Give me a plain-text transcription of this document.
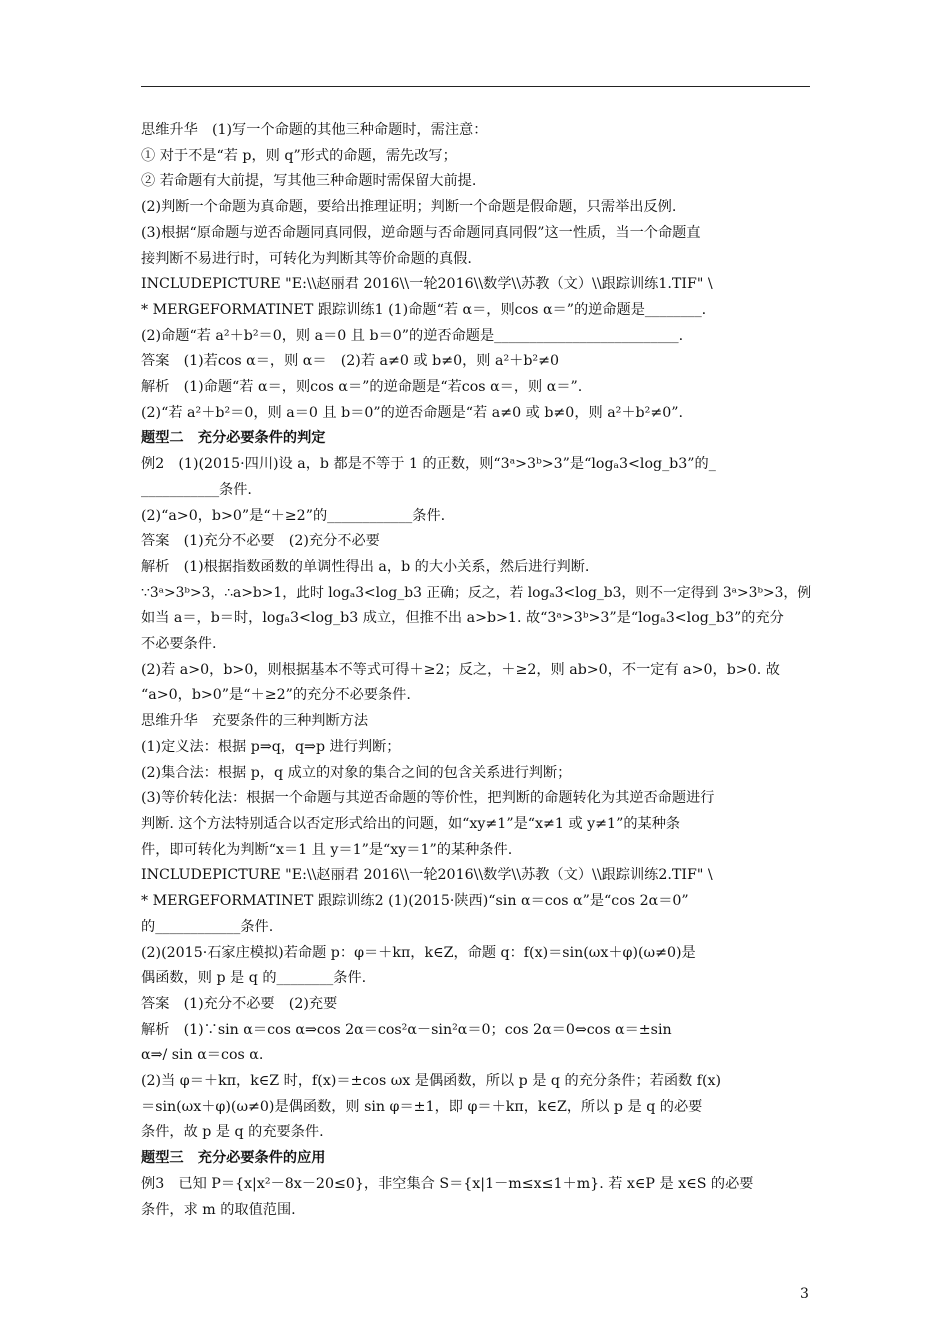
思维升华　(1)写一个命题的其他三种命题时，需注意：

① 对于不是“若 p，则 q”形式的命题，需先改写；

② 若命题有大前提，写其他三种命题时需保留大前提.

(2)判断一个命题为真命题，要给出推理证明；判断一个命题是假命题，只需举出反例.

(3)根据“原命题与逆否命题同真同假，逆命题与否命题同真同假”这一性质，当一个命题直

接判断不易进行时，可转化为判断其等价命题的真假.

INCLUDEPICTURE "E:\\赵丽君 2016\\一轮2016\\数学\\苏教（文）\\跟踪训练1.TIF" \

* MERGEFORMATINET 跟踪训练1 (1)命题“若 α＝，则cos α＝”的逆命题是________.

(2)命题“若 a²＋b²＝0，则 a＝0 且 b＝0”的逆否命题是__________________________.

答案　(1)若cos α＝，则 α＝　(2)若 a≠0 或 b≠0，则 a²＋b²≠0

解析　(1)命题“若 α＝，则cos α＝”的逆命题是“若cos α＝，则 α＝”.

(2)“若 a²＋b²＝0，则 a＝0 且 b＝0”的逆否命题是“若 a≠0 或 b≠0，则 a²＋b²≠0”.

题型二　充分必要条件的判定

例2　(1)(2015·四川)设 a，b 都是不等于 1 的正数，则“3ᵃ>3ᵇ>3”是“logₐ3<log_b3”的_

___________条件.

(2)“a>0，b>0”是“＋≥2”的____________条件.

答案　(1)充分不必要　(2)充分不必要

解析　(1)根据指数函数的单调性得出 a，b 的大小关系，然后进行判断.

∵3ᵃ>3ᵇ>3，∴a>b>1，此时 logₐ3<log_b3 正确；反之，若 logₐ3<log_b3，则不一定得到 3ᵃ>3ᵇ>3，例

如当 a＝，b＝时，logₐ3<log_b3 成立，但推不出 a>b>1. 故“3ᵃ>3ᵇ>3”是“logₐ3<log_b3”的充分

不必要条件.

(2)若 a>0，b>0，则根据基本不等式可得＋≥2；反之，＋≥2，则 ab>0，不一定有 a>0，b>0. 故

“a>0，b>0”是“＋≥2”的充分不必要条件.

思维升华　充要条件的三种判断方法

(1)定义法：根据 p⇒q，q⇒p 进行判断；

(2)集合法：根据 p，q 成立的对象的集合之间的包含关系进行判断；

(3)等价转化法：根据一个命题与其逆否命题的等价性，把判断的命题转化为其逆否命题进行

判断. 这个方法特别适合以否定形式给出的问题，如“xy≠1”是“x≠1 或 y≠1”的某种条

件，即可转化为判断“x＝1 且 y＝1”是“xy＝1”的某种条件.

INCLUDEPICTURE "E:\\赵丽君 2016\\一轮2016\\数学\\苏教（文）\\跟踪训练2.TIF" \

* MERGEFORMATINET 跟踪训练2 (1)(2015·陕西)“sin α＝cos α”是“cos 2α＝0”

的____________条件.

(2)(2015·石家庄模拟)若命题 p：φ＝＋kπ，k∈Z，命题 q：f(x)＝sin(ωx＋φ)(ω≠0)是

偶函数，则 p 是 q 的________条件.

答案　(1)充分不必要　(2)充要

解析　(1)∵sin α＝cos α⇒cos 2α＝cos²α－sin²α＝0；cos 2α＝0⇔cos α＝±sin

α⇒/ sin α＝cos α.

(2)当 φ＝＋kπ，k∈Z 时，f(x)＝±cos ωx 是偶函数，所以 p 是 q 的充分条件；若函数 f(x)

＝sin(ωx＋φ)(ω≠0)是偶函数，则 sin φ＝±1，即 φ＝＋kπ，k∈Z，所以 p 是 q 的必要

条件，故 p 是 q 的充要条件.

题型三　充分必要条件的应用

例3　已知 P＝{x|x²－8x－20≤0}，非空集合 S＝{x|1－m≤x≤1＋m}. 若 x∈P 是 x∈S 的必要

条件，求 m 的取值范围.

3
